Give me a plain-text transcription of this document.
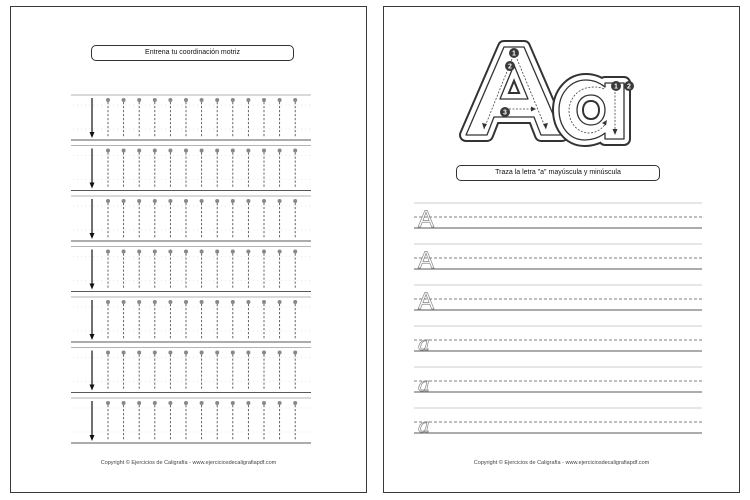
Entrena tu coordinación motriz
Copyright © Ejercicios de Caligrafía - www.ejerciciosdecaligrafiapdf.com
1
2
3
1 2
A
A
A
a
a
a
Traza la letra "a" mayúscula y minúscula
Copyright © Ejercicios de Caligrafía - www.ejerciciosdecaligrafiapdf.com
